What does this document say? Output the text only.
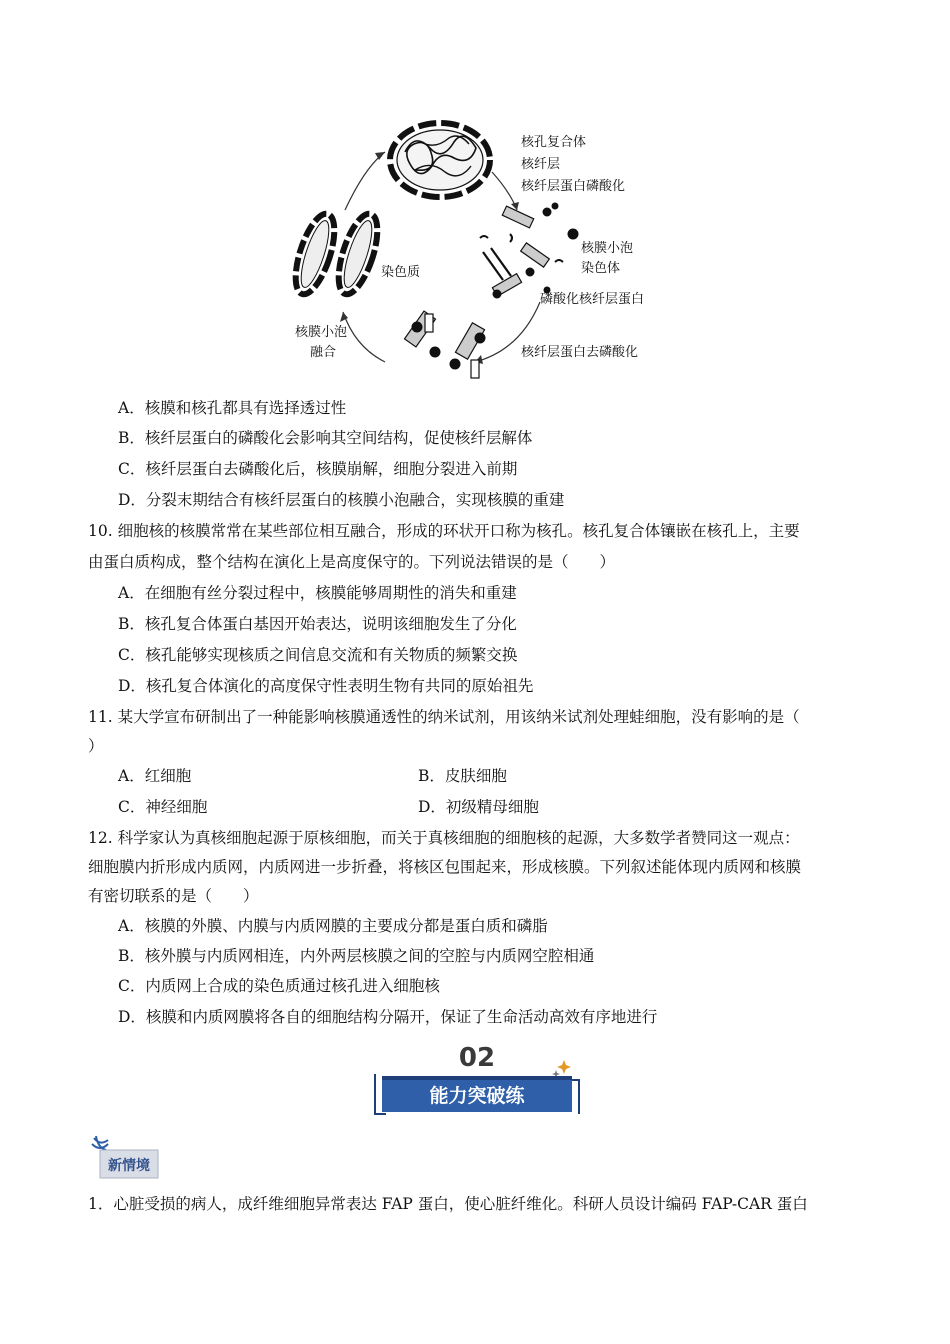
核孔复合体
核纤层
核纤层蛋白磷酸化
核膜小泡
染色体
磷酸化核纤层蛋白
核纤层蛋白去磷酸化
核膜小泡
融合
染色质
A．核膜和核孔都具有选择透过性
B．核纤层蛋白的磷酸化会影响其空间结构，促使核纤层解体
C．核纤层蛋白去磷酸化后，核膜崩解，细胞分裂进入前期
D．分裂末期结合有核纤层蛋白的核膜小泡融合，实现核膜的重建
10. 细胞核的核膜常常在某些部位相互融合，形成的环状开口称为核孔。核孔复合体镶嵌在核孔上，主要
由蛋白质构成，整个结构在演化上是高度保守的。下列说法错误的是（　　）
A．在细胞有丝分裂过程中，核膜能够周期性的消失和重建
B．核孔复合体蛋白基因开始表达，说明该细胞发生了分化
C．核孔能够实现核质之间信息交流和有关物质的频繁交换
D．核孔复合体演化的高度保守性表明生物有共同的原始祖先
11. 某大学宣布研制出了一种能影响核膜通透性的纳米试剂，用该纳米试剂处理蛙细胞，没有影响的是（
）
A．红细胞	B．皮肤细胞
C．神经细胞	D．初级精母细胞
12. 科学家认为真核细胞起源于原核细胞，而关于真核细胞的细胞核的起源，大多数学者赞同这一观点：
细胞膜内折形成内质网，内质网进一步折叠，将核区包围起来，形成核膜。下列叙述能体现内质网和核膜
有密切联系的是（　　）
A．核膜的外膜、内膜与内质网膜的主要成分都是蛋白质和磷脂
B．核外膜与内质网相连，内外两层核膜之间的空腔与内质网空腔相通
C．内质网上合成的染色质通过核孔进入细胞核
D．核膜和内质网膜将各自的细胞结构分隔开，保证了生命活动高效有序地进行
02
能力突破练
新情境
1．心脏受损的病人，成纤维细胞异常表达 FAP 蛋白，使心脏纤维化。科研人员设计编码 FAP-CAR 蛋白
